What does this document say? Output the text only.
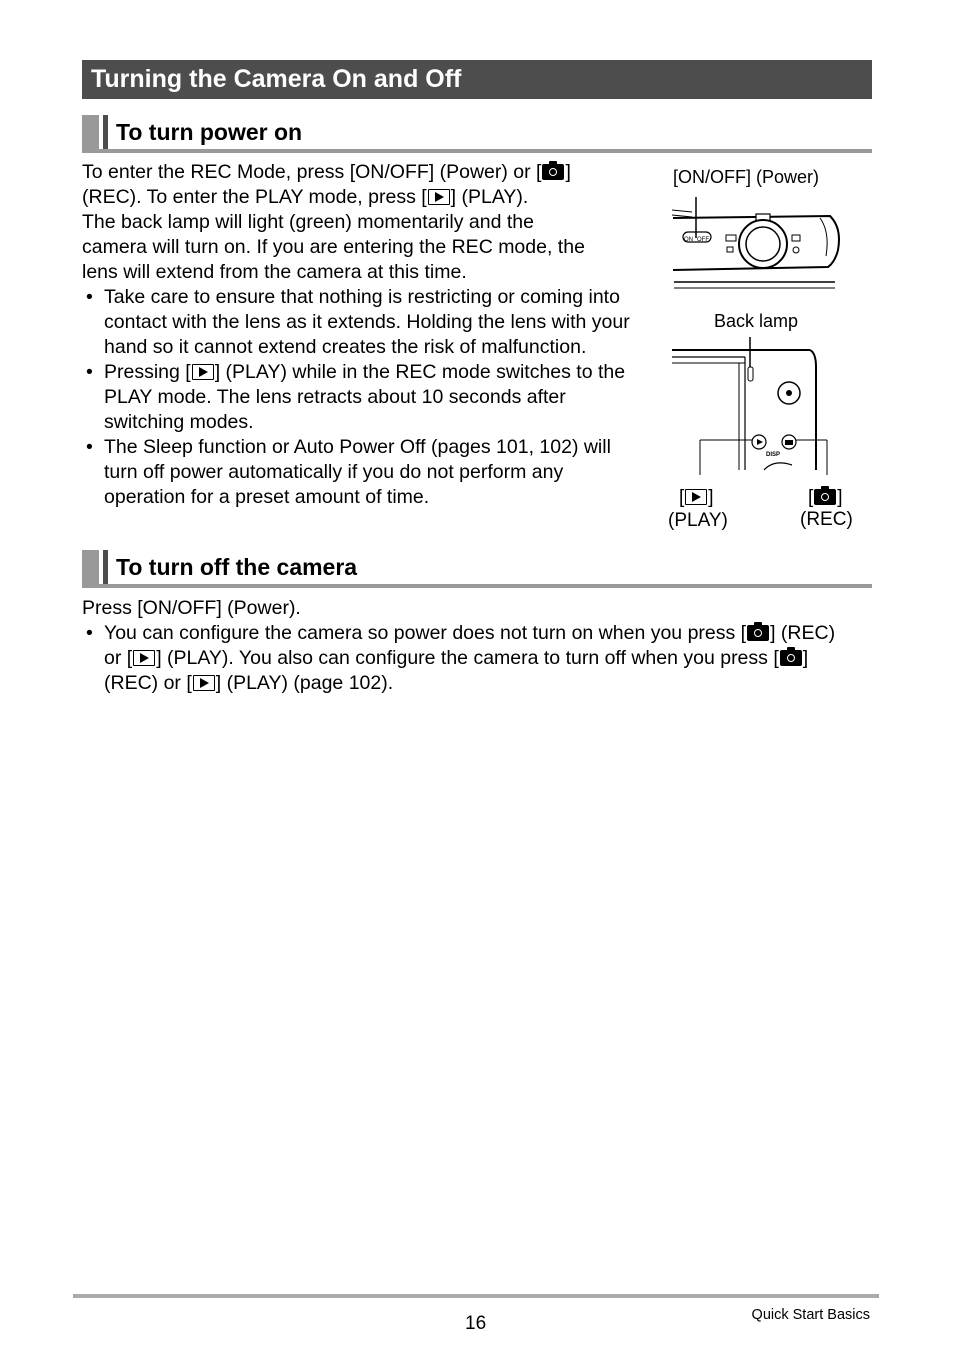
Turning the Camera On and Off
To turn power on
To enter the REC Mode, press [ON/OFF] (Power) or [ ]
(REC). To enter the PLAY mode, press [ ] (PLAY).
The back lamp will light (green) momentarily and the
camera will turn on. If you are entering the REC mode, the
lens will extend from the camera at this time.
• Take care to ensure that nothing is restricting or coming into contact with the lens as it extends. Holding the lens with your hand so it cannot extend creates the risk of malfunction.
• Pressing [ ] (PLAY) while in the REC mode switches to the PLAY mode. The lens retracts about 10 seconds after switching modes.
• The Sleep function or Auto Power Off (pages 101, 102) will turn off power automatically if you do not perform any operation for a preset amount of time.
[ON/OFF] (Power)
ON OFF
Back lamp
DISP
[ ]
(PLAY)
[ ]
(REC)
To turn off the camera
Press [ON/OFF] (Power).
• You can configure the camera so power does not turn on when you press [ ] (REC) or [ ] (PLAY). You also can configure the camera to turn off when you press [ ] (REC) or [ ] (PLAY) (page 102).
16	Quick Start Basics
